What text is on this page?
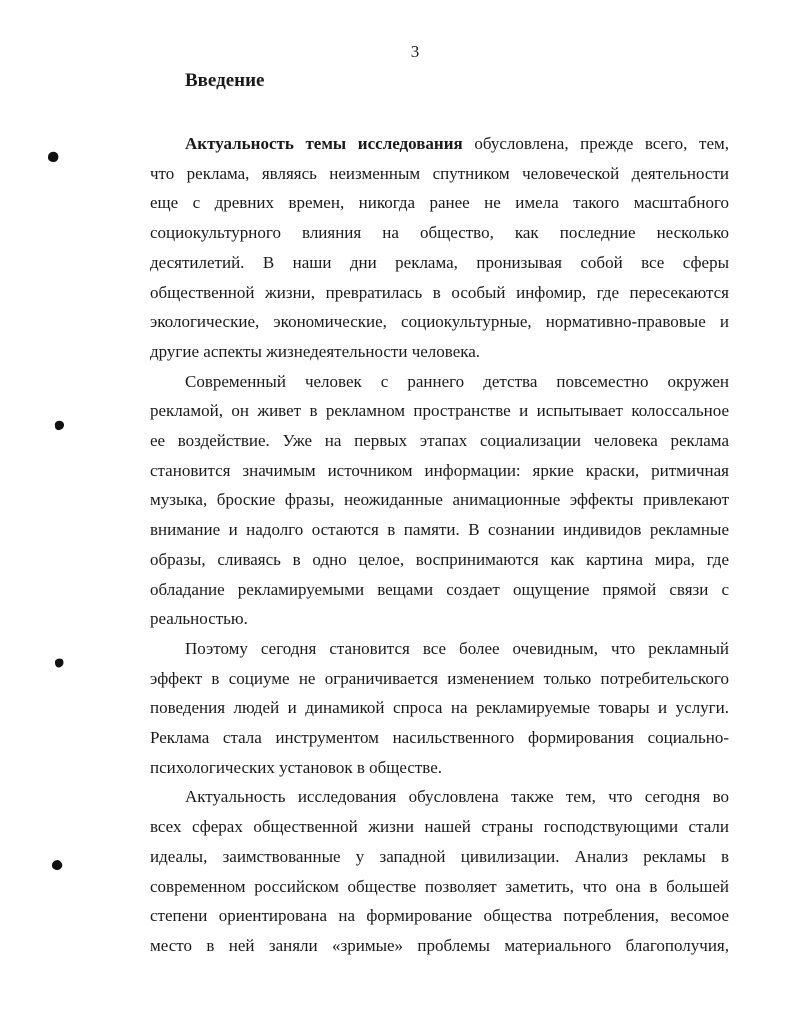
3
Введение

Актуальность темы исследования обусловлена, прежде всего, тем,
что реклама, являясь неизменным спутником человеческой деятельности
еще с древних времен, никогда ранее не имела такого масштабного
социокультурного влияния на общество, как последние несколько
десятилетий. В наши дни реклама, пронизывая собой все сферы
общественной жизни, превратилась в особый инфомир, где пересекаются
экологические, экономические, социокультурные, нормативно-правовые и
другие аспекты жизнедеятельности человека.

Современный человек с раннего детства повсеместно окружен
рекламой, он живет в рекламном пространстве и испытывает колоссальное
ее воздействие. Уже на первых этапах социализации человека реклама
становится значимым источником информации: яркие краски, ритмичная
музыка, броские фразы, неожиданные анимационные эффекты привлекают
внимание и надолго остаются в памяти. В сознании индивидов рекламные
образы, сливаясь в одно целое, воспринимаются как картина мира, где
обладание рекламируемыми вещами создает ощущение прямой связи с
реальностью.

Поэтому сегодня становится все более очевидным, что рекламный
эффект в социуме не ограничивается изменением только потребительского
поведения людей и динамикой спроса на рекламируемые товары и услуги.
Реклама стала инструментом насильственного формирования социально-
психологических установок в обществе.

Актуальность исследования обусловлена также тем, что сегодня во
всех сферах общественной жизни нашей страны господствующими стали
идеалы, заимствованные у западной цивилизации. Анализ рекламы в
современном российском обществе позволяет заметить, что она в большей
степени ориентирована на формирование общества потребления, весомое
место в ней заняли «зримые» проблемы материального благополучия,
